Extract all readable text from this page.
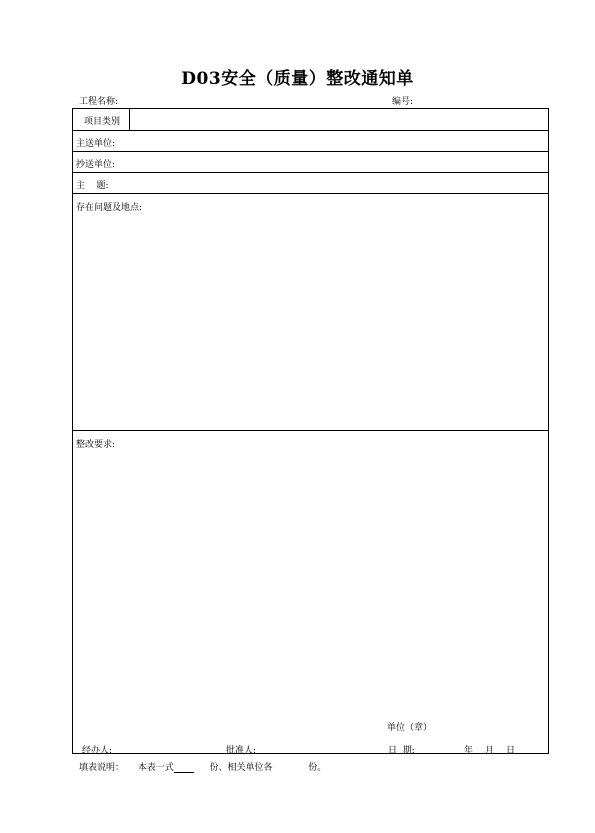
D03安全（质量）整改通知单
工程名称:	编号:
项目类别
主送单位:
抄送单位:
主    题:
存在问题及地点:
整改要求:
单位（章）
经办人:	批准人:	日  期:	年 月 日
填表说明： 本表一式	份、相关单位各	份。
